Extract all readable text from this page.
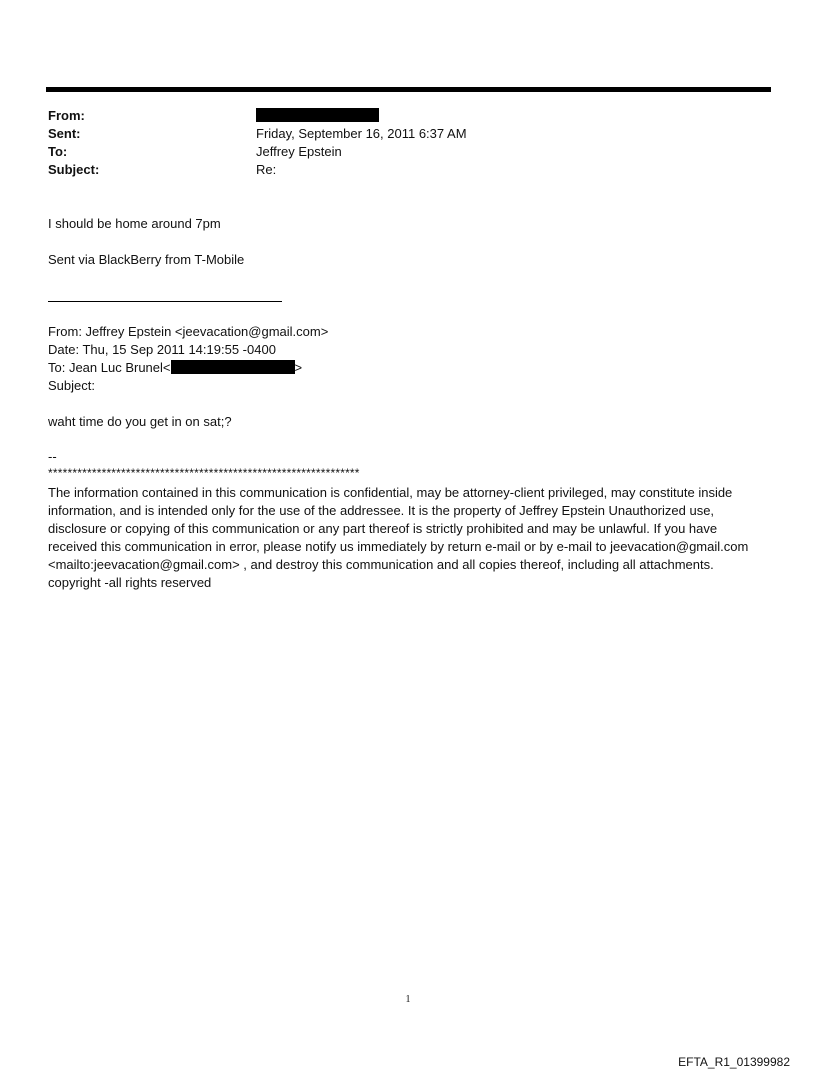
From:
Sent:	Friday, September 16, 2011 6:37 AM
To:	Jeffrey Epstein
Subject:	Re:
I should be home around 7pm
Sent via BlackBerry from T-Mobile
From: Jeffrey Epstein <jeevacation@gmail.com>
Date: Thu, 15 Sep 2011 14:19:55 -0400
To: Jean Luc Brunel<	>
Subject:
waht time do you get in on sat;?
--
****************************************************************
The information contained in this communication is confidential, may be attorney-client privileged, may constitute inside information, and is intended only for the use of the addressee. It is the property of Jeffrey Epstein Unauthorized use, disclosure or copying of this communication or any part thereof is strictly prohibited and may be unlawful. If you have received this communication in error, please notify us immediately by return e-mail or by e-mail to jeevacation@gmail.com <mailto:jeevacation@gmail.com> , and destroy this communication and all copies thereof, including all attachments. copyright -all rights reserved
1
EFTA_R1_01399982
